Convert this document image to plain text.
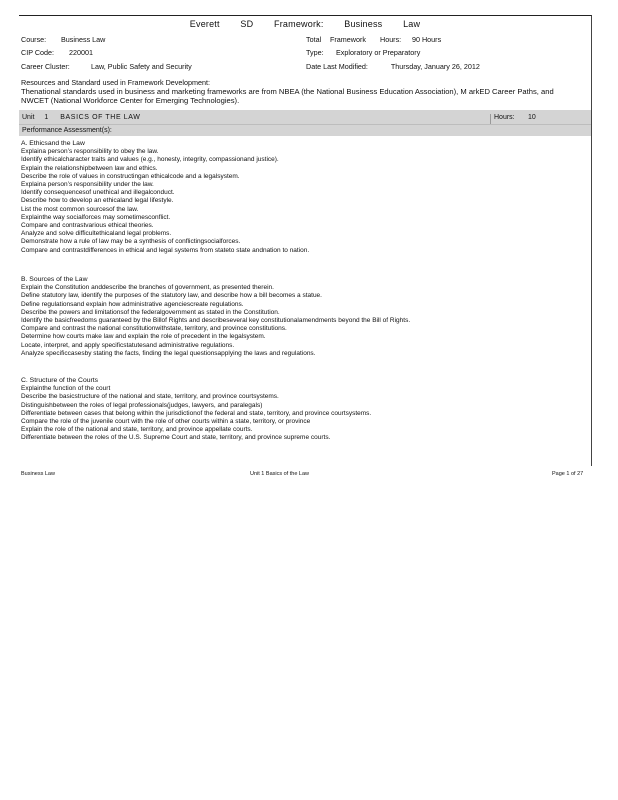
Everett SD Framework: Business Law
Course: Business Law	Total Framework Hours: 90 Hours
CIP Code: 220001	Type: Exploratory or Preparatory
Career Cluster:	Law, Public Safety and Security	Date Last Modified:	Thursday, January 26, 2012
Resources and Standard used in Framework Development:
Thenational standards used in business and marketing frameworks are from NBEA (the National Business Education Association), M arkED Career Paths, and NWCET (National Workforce Center for Emerging Technologies).
Unit 1 BASICS OF THE LAW	Hours: 10
Performance Assessment(s):
A. Ethicsand the Law
Explaina person’s responsibility to obey the law.
Identify ethicalcharacter traits and values (e.g., honesty, integrity, compassionand justice).
Explain the relationshipbetween law and ethics.
Describe the role of values in constructingan ethicalcode and a legalsystem.
Explaina person’s responsibility under the law.
Identify consequencesof unethical and illegalconduct.
Describe how to develop an ethicaland legal lifestyle.
List the most common sourcesof the law.
Explainthe way socialforces may sometimesconflict.
Compare and contrastvarious ethical theories.
Analyze and solve difficultethicaland legal problems.
Demonstrate how a rule of law may be a synthesis of conflictingsocialforces.
Compare and contrastdifferences in ethical and legal systems from stateto state andnation to nation.
B. Sources of the Law
Explain the Constitution anddescribe the branches of government, as presented therein.
Define statutory law, identify the purposes of the statutory law, and describe how a bill becomes a statue.
Define regulationsand explain how administrative agenciescreate regulations.
Describe the powers and limitationsof the federalgovernment as stated in the Constitution.
Identify the basicfreedoms guaranteed by the Billof Rights and describeseveral key constitutionalamendments beyond the Bill of Rights.
Compare and contrast the national constitutionwithstate, territory, and province constitutions.
Determine how courts make law and explain the role of precedent in the legalsystem.
Locate, interpret, and apply specificstatutesand administrative regulations.
Analyze specificcasesby stating the facts, finding the legal questionsapplying the laws and regulations.
C. Structure of the Courts
Explainthe function of the court
Describe the basicstructure of the national and state, territory, and province courtsystems.
Distinguishbetween the roles of legal professionals(judges, lawyers, and paralegals)
Differentiate between cases that belong within the jurisdictionof the federal and state, territory, and province courtsystems.
Compare the role of the juvenile court with the role of other courts within a state, territory, or province
Explain the role of the national and state, territory, and province appellate courts.
Differentiate between the roles of the U.S. Supreme Court and state, territory, and province supreme courts.
Business Law	Unit 1 Basics of the Law	Page 1 of 27
